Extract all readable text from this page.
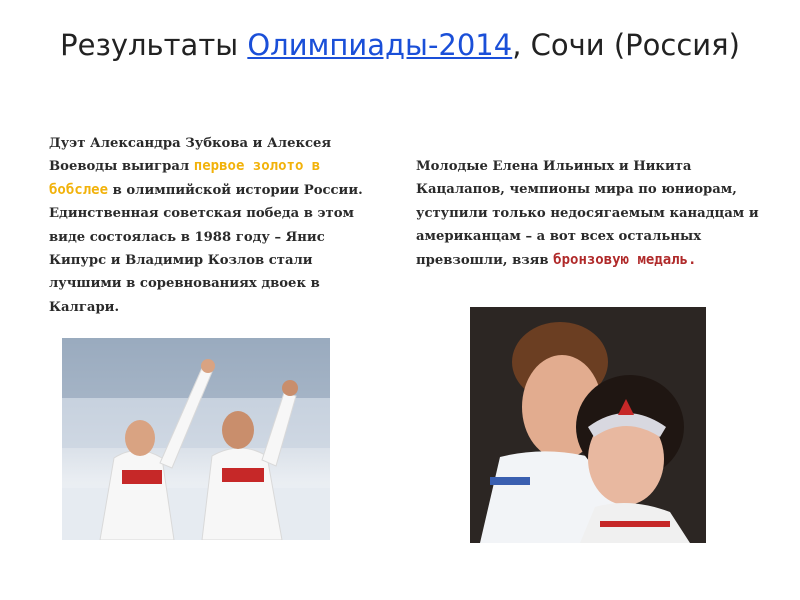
Результаты Олимпиады-2014, Сочи (Россия)
Дуэт Александра Зубкова и Алексея Воеводы выиграл первое золото в бобслее в олимпийской истории России. Единственная советская победа в этом виде состоялась в 1988 году – Янис Кипурс и Владимир Козлов стали лучшими в соревнованиях двоек в Калгари.
Молодые Елена Ильиных и Никита Кацалапов, чемпионы мира по юниорам, уступили только недосягаемым канадцам и американцам – а вот всех остальных превзошли, взяв бронзовую медаль.
